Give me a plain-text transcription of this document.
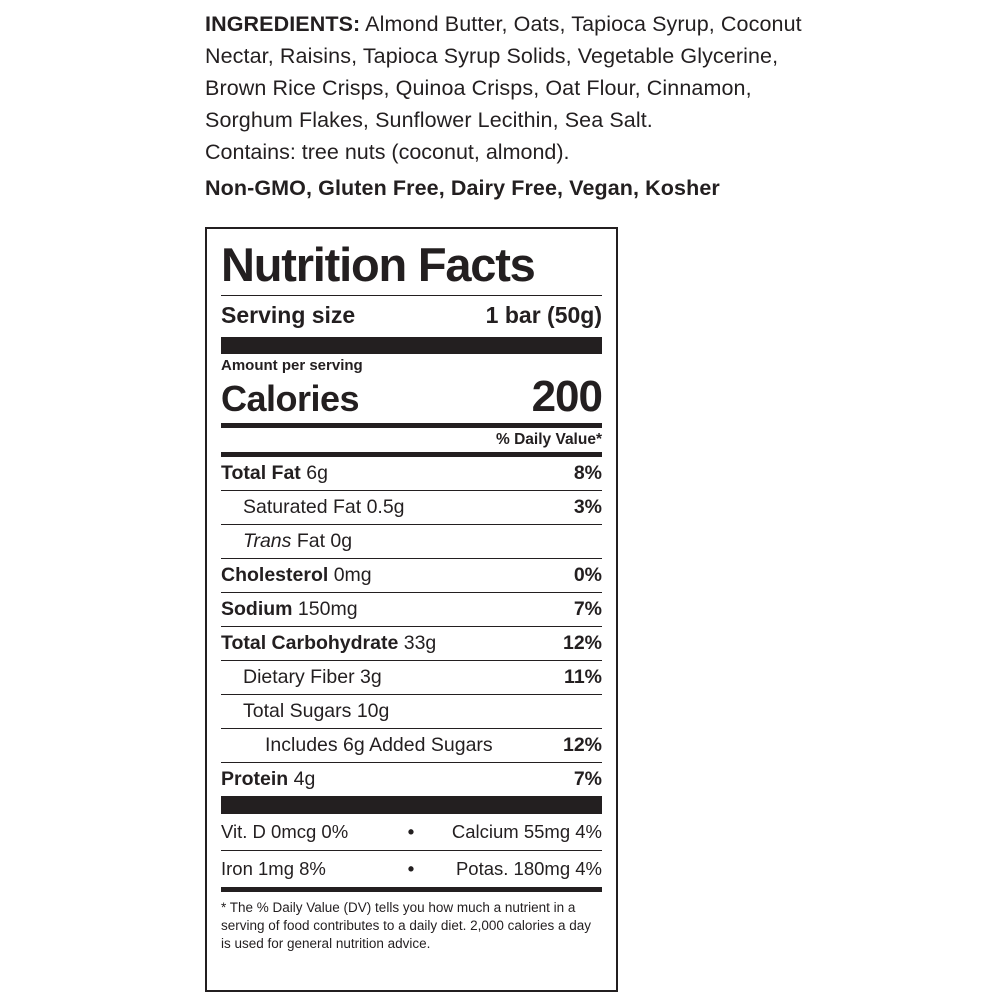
INGREDIENTS: Almond Butter, Oats, Tapioca Syrup, Coconut Nectar, Raisins, Tapioca Syrup Solids, Vegetable Glycerine, Brown Rice Crisps, Quinoa Crisps, Oat Flour, Cinnamon, Sorghum Flakes, Sunflower Lecithin, Sea Salt.
Contains: tree nuts (coconut, almond).
Non-GMO, Gluten Free, Dairy Free, Vegan, Kosher
Nutrition Facts
Serving size	1 bar (50g)
Amount per serving
Calories	200
% Daily Value*
Total Fat 6g	8%
Saturated Fat 0.5g	3%
Trans Fat 0g
Cholesterol 0mg	0%
Sodium 150mg	7%
Total Carbohydrate 33g	12%
Dietary Fiber 3g	11%
Total Sugars 10g
Includes 6g Added Sugars	12%
Protein 4g	7%
Vit. D 0mcg 0%	•	Calcium 55mg 4%
Iron 1mg 8%	•	Potas. 180mg 4%
* The % Daily Value (DV) tells you how much a nutrient in a serving of food contributes to a daily diet. 2,000 calories a day is used for general nutrition advice.
